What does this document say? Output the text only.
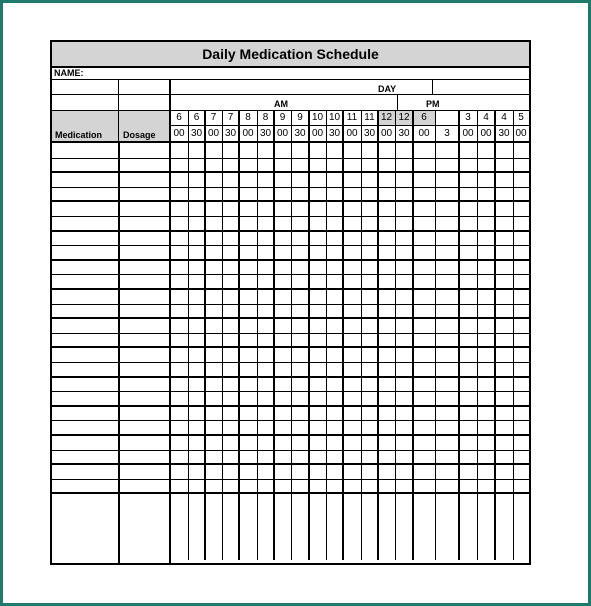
Daily Medication Schedule
NAME:
DAY
AM	PM
Medication Dosage
6
00
6
30
7
00
7
30
8
00
8
30
9
00
9
30
10
00
10
30
11
00
11
30
12
00
12
30
6
00	3
3
00
4
00
4
30
5
00
